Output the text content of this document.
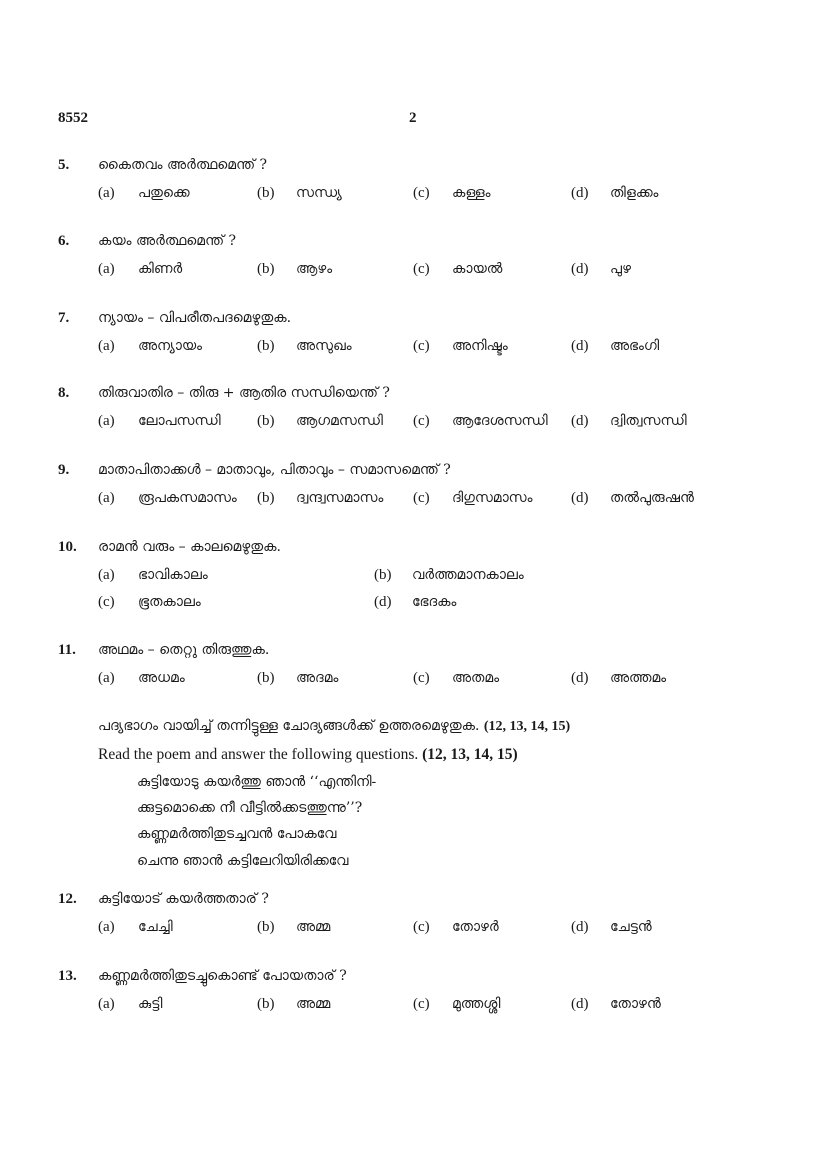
8552	2
5. കൈതവം അർത്ഥമെന്ത് ?
(a) പതുക്കെ	(b) സന്ധ്യ	(c) കള്ളം	(d) തിളക്കം
6. കയം അർത്ഥമെന്ത് ?
(a) കിണർ	(b) ആഴം	(c) കായൽ	(d) പുഴ
7. ന്യായം – വിപരീതപദമെഴുതുക.
(a) അന്യായം	(b) അസുഖം	(c) അനിഷ്ടം	(d) അഭംഗി
8. തിരുവാതിര – തിരു + ആതിര സന്ധിയെന്ത് ?
(a) ലോപസന്ധി (b) ആഗമസന്ധി (c) ആദേശസന്ധി (d) ദ്വിത്വസന്ധി
9. മാതാപിതാക്കൾ – മാതാവും, പിതാവും – സമാസമെന്ത് ?
(a) രൂപകസമാസം (b) ദ്വന്ദ്വസമാസം (c) ദിഗുസമാസം	(d) തൽപുരുഷൻ
10. രാമൻ വരും – കാലമെഴുതുക.
(a) ഭാവികാലം	(b) വർത്തമാനകാലം
(c) ഭൂതകാലം	(d) ഭേദകം
11. അഥമം – തെറ്റു തിരുത്തുക.
(a) അധമം	(b) അദമം	(c) അതമം	(d) അത്തമം
പദ്യഭാഗം വായിച്ച് തന്നിട്ടുള്ള ചോദ്യങ്ങൾക്ക് ഉത്തരമെഴുതുക. (12, 13, 14, 15)
Read the poem and answer the following questions. (12, 13, 14, 15)
കുട്ടിയോടു കയർത്തു ഞാൻ ‘‘എന്തിനി-
ക്കുട്ടമൊക്കെ നീ വീട്ടിൽക്കടത്തുന്നു’’?
കണ്ണമർത്തിതുടച്ചവൻ പോകവേ
ചെന്നു ഞാൻ കട്ടിലേറിയിരിക്കവേ
12. കുട്ടിയോട് കയർത്തതാര് ?
(a) ചേച്ചി	(b) അമ്മ	(c) തോഴർ	(d) ചേട്ടൻ
13. കണ്ണമർത്തിതുടച്ചുകൊണ്ട് പോയതാര് ?
(a) കുട്ടി	(b) അമ്മ	(c) മുത്തശ്ശി	(d) തോഴൻ
